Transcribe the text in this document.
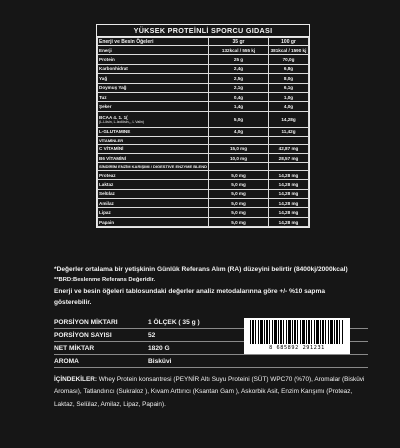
YÜKSEK PROTEİNLİ SPORCU GIDASI
Enerji ve Besin Öğeleri	35 gr	100 gr
Enerji	132kcal / 555 kj	381kcal / 1590 kj
Protein	25 g	70,0g
Karbonhidrat	2,4g	6,8g
Yağ	2,5g	8,0g
Doymuş Yağ	2,1g	6,1g
Tuz	0,4g	1,0g
Şeker	1,4g	4,0g
BCAA 4. 1. 1(
(L-Lösin, L-İzolösin,,, L Valin)	5,0g	14,28g
L-GLUTAMINE	4,0g	11,42g
VİTAMİNLER		
C VİTAMİNİ	15,0 mg	42,87 mg
B6 VİTAMİNİ	10,0 mg	28,57 mg
SİNDİRİM ENZİM KARIŞIMI / DIGESTIVE ENZYME BLEND		
Proteaz	5,0 mg	14,28 mg
Laktaz	5,0 mg	14,28 mg
Selülaz	5,0 mg	14,28 mg
Amilaz	5,0 mg	14,28 mg
Lipaz	5,0 mg	14,28 mg
Papain	5,0 mg	14,28 mg
*Değerler ortalama bir yetişkinin Günlük Referans Alım (RA) düzeyini belirtir (8400kj/2000kcal)
**BRD:Beslenme Referans Değeridir.
Enerji ve besin öğeleri tablosundaki değerler analiz metodalarınna göre +/- %10 sapma gösterebilir.
PORSİYON MİKTARI	1 ÖLÇEK ( 35 g )
PORSİYON SAYISI	52
NET MİKTAR	1820 G
AROMA	Bisküvi
8 685892 291231
İÇİNDEKİLER: Whey Protein konsantresi (PEYNİR Altı Suyu Proteini (SÜT) WPC70 (%70), Aromalar (Bisküvi Aroması), Tatlandırıcı (Sukraloz ), Kıvam Arttırıcı (Ksantan Gam ), Askorbik Asit, Enzim Karışımı (Proteaz, Laktaz, Selülaz, Amilaz, Lipaz, Papain).
